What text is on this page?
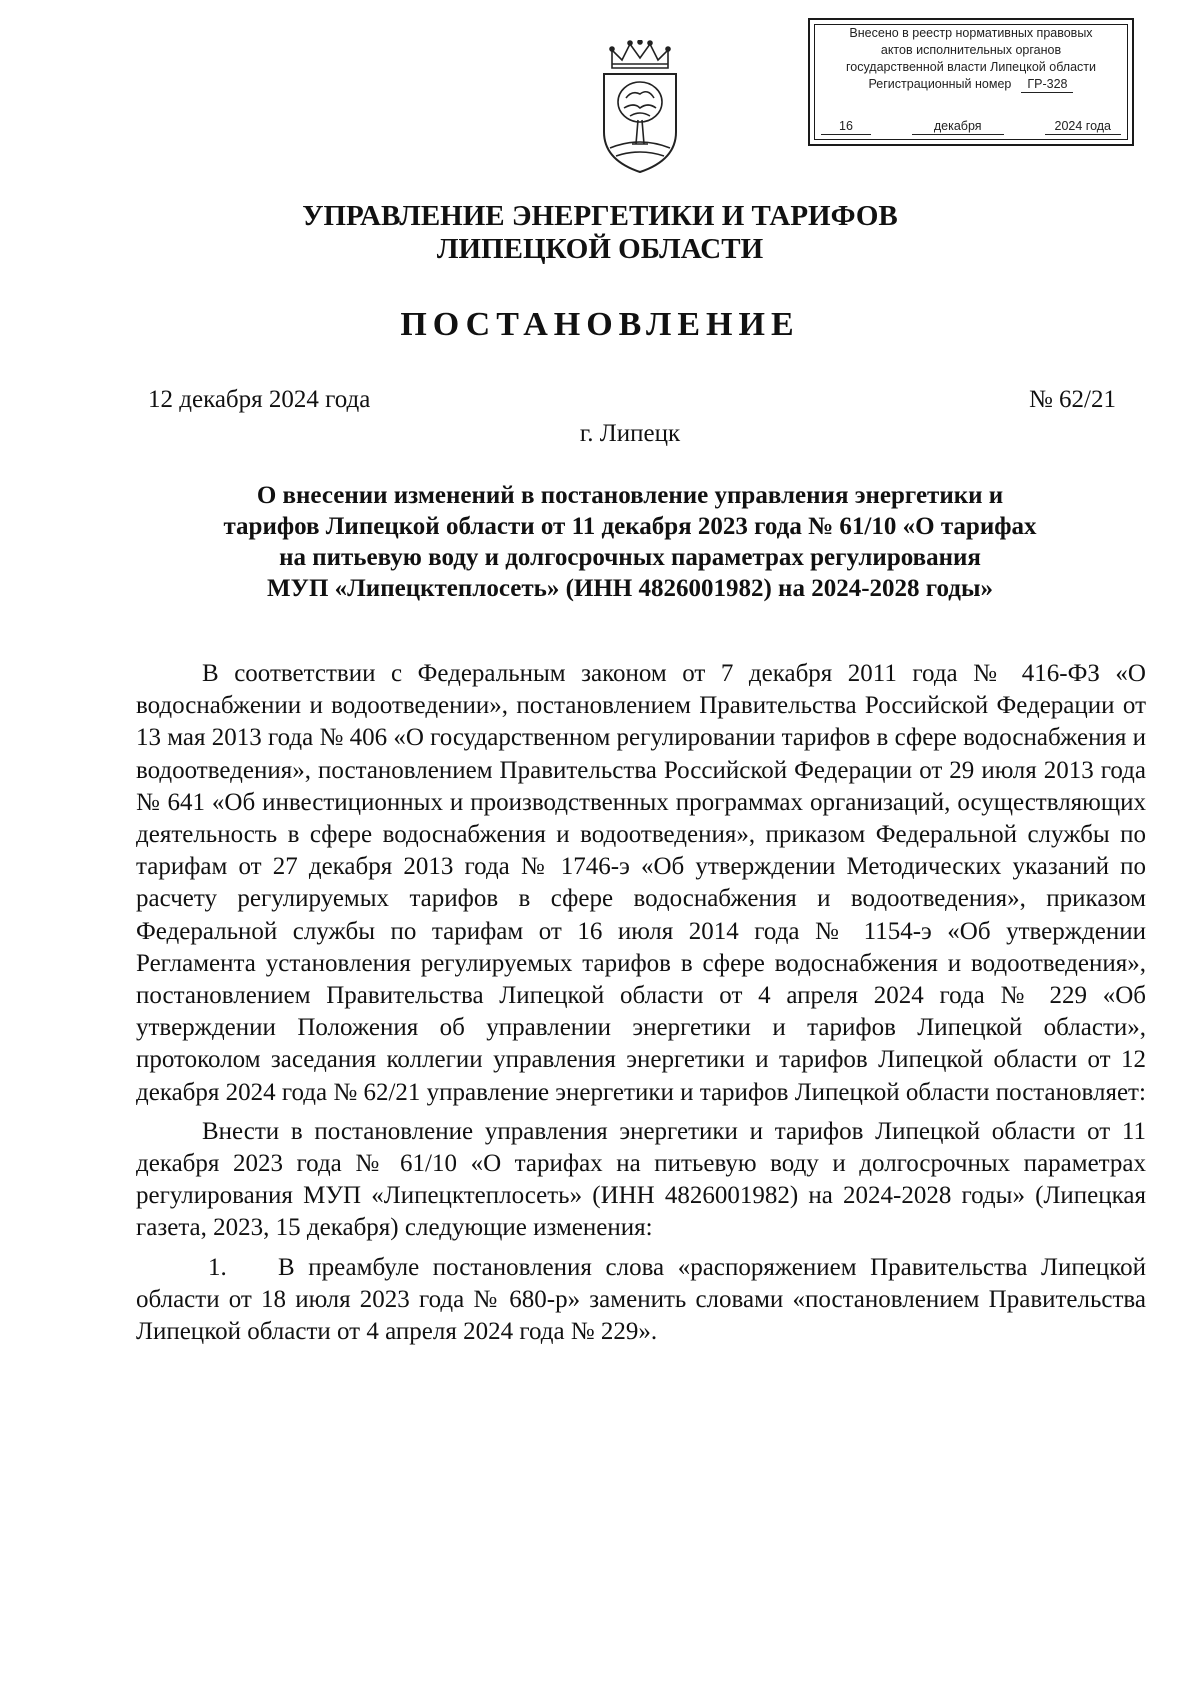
Внесено в реестр нормативных правовых
актов исполнительных органов
государственной власти Липецкой области
Регистрационный номер	ГР-328
16	декабря	2024 года
УПРАВЛЕНИЕ ЭНЕРГЕТИКИ И ТАРИФОВ
ЛИПЕЦКОЙ ОБЛАСТИ
ПОСТАНОВЛЕНИЕ
12 декабря 2024 года	№ 62/21
г. Липецк
О внесении изменений в постановление управления энергетики и
тарифов Липецкой области от 11 декабря 2023 года № 61/10 «О тарифах
на питьевую воду и долгосрочных параметрах регулирования
МУП «Липецктеплосеть» (ИНН 4826001982) на 2024-2028 годы»

В соответствии с Федеральным законом от 7 декабря 2011 года № 416-ФЗ «О водоснабжении и водоотведении», постановлением Правительства Российской Федерации от 13 мая 2013 года № 406 «О государственном регулировании тарифов в сфере водоснабжения и водоотведения», постановлением Правительства Российской Федерации от 29 июля 2013 года № 641 «Об инвестиционных и производственных программах организаций, осуществляющих деятельность в сфере водоснабжения и водоотведения», приказом Федеральной службы по тарифам от 27 декабря 2013 года № 1746-э «Об утверждении Методических указаний по расчету регулируемых тарифов в сфере водоснабжения и водоотведения», приказом Федеральной службы по тарифам от 16 июля 2014 года № 1154-э «Об утверждении Регламента установления регулируемых тарифов в сфере водоснабжения и водоотведения», постановлением Правительства Липецкой области от 4 апреля 2024 года № 229 «Об утверждении Положения об управлении энергетики и тарифов Липецкой области», протоколом заседания коллегии управления энергетики и тарифов Липецкой области от 12 декабря 2024 года № 62/21 управление энергетики и тарифов Липецкой области постановляет:

Внести в постановление управления энергетики и тарифов Липецкой области от 11 декабря 2023 года № 61/10 «О тарифах на питьевую воду и долгосрочных параметрах регулирования МУП «Липецктеплосеть» (ИНН 4826001982) на 2024-2028 годы» (Липецкая газета, 2023, 15 декабря) следующие изменения:

1. В преамбуле постановления слова «распоряжением Правительства Липецкой области от 18 июля 2023 года № 680-р» заменить словами «постановлением Правительства Липецкой области от 4 апреля 2024 года № 229».
